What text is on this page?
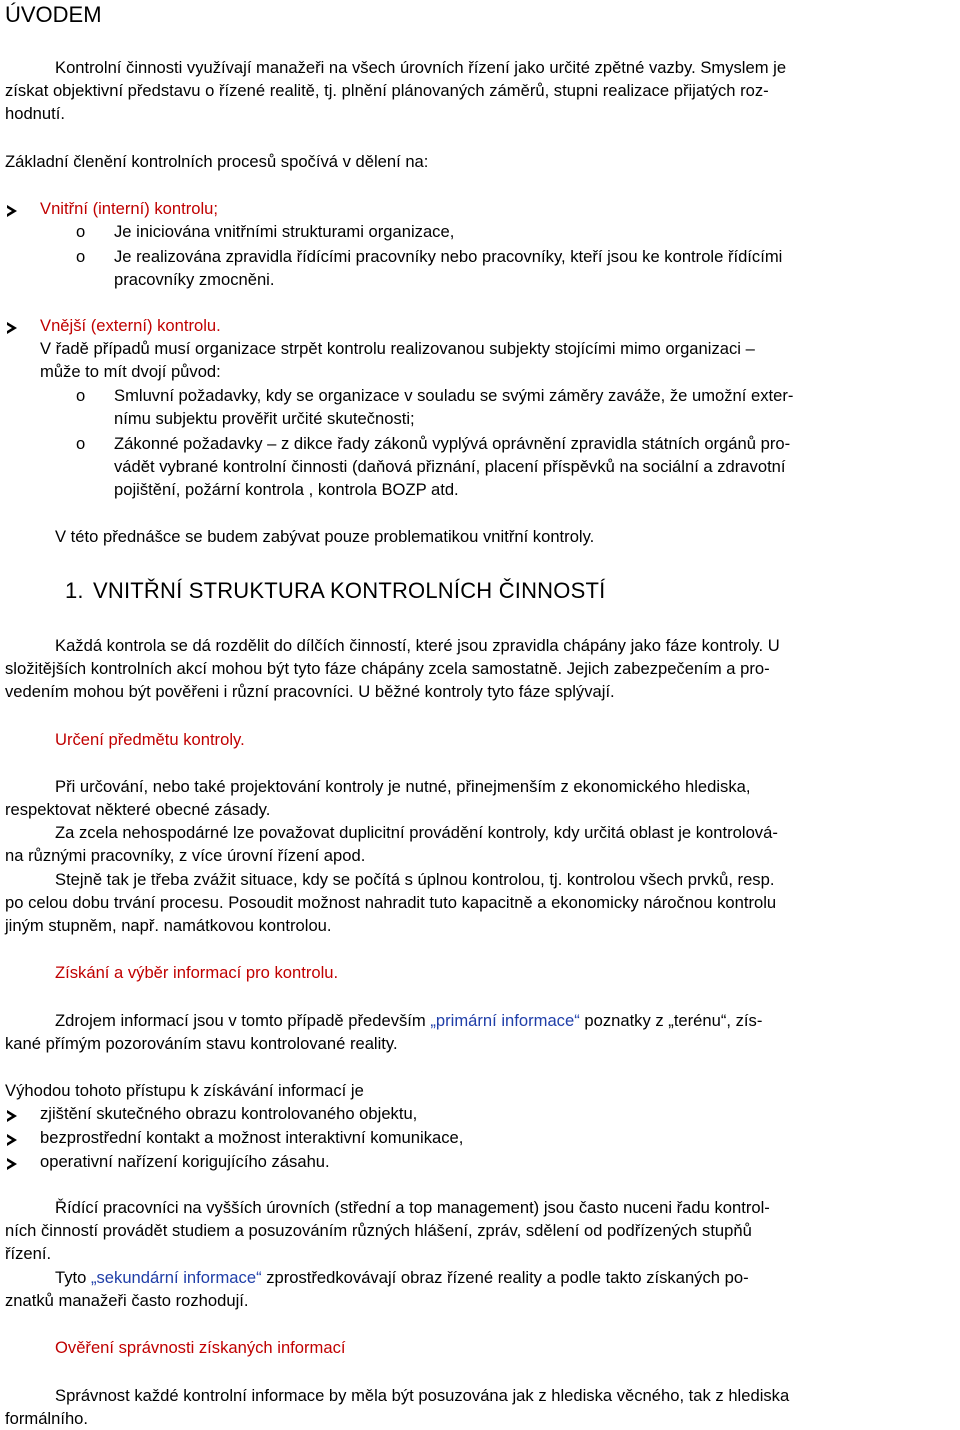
ÚVODEM
Kontrolní činnosti využívají manažeři na všech úrovních řízení jako určité zpětné vazby. Smyslem je
získat objektivní představu o řízené realitě, tj. plnění plánovaných záměrů, stupni realizace přijatých roz-
hodnutí.
Základní členění kontrolních procesů spočívá v dělení na:
Vnitřní (interní) kontrolu;
o Je iniciována vnitřními strukturami organizace,
o Je realizována zpravidla řídícími pracovníky nebo pracovníky, kteří jsou ke kontrole řídícími
pracovníky zmocněni.
Vnější (externí) kontrolu.
V řadě případů musí organizace strpět kontrolu realizovanou subjekty stojícími mimo organizaci –
může to mít dvojí původ:
o Smluvní požadavky, kdy se organizace v souladu se svými záměry zaváže, že umožní exter-
nímu subjektu prověřit určité skutečnosti;
o Zákonné požadavky – z dikce řady zákonů vyplývá oprávnění zpravidla státních orgánů pro-
vádět vybrané kontrolní činnosti (daňová přiznání, placení příspěvků na sociální a zdravotní
pojištění, požární kontrola , kontrola BOZP atd.
V této přednášce se budem zabývat pouze problematikou vnitřní kontroly.
1. VNITŘNÍ STRUKTURA KONTROLNÍCH ČINNOSTÍ
Každá kontrola se dá rozdělit do dílčích činností, které jsou zpravidla chápány jako fáze kontroly. U
složitějších kontrolních akcí mohou být tyto fáze chápány zcela samostatně. Jejich zabezpečením a pro-
vedením mohou být pověřeni i různí pracovníci. U běžné kontroly tyto fáze splývají.
Určení předmětu kontroly.
Při určování, nebo také projektování kontroly je nutné, přinejmenším z ekonomického hlediska,
respektovat některé obecné zásady.
Za zcela nehospodárné lze považovat duplicitní provádění kontroly, kdy určitá oblast je kontrolová-
na různými pracovníky, z více úrovní řízení apod.
Stejně tak je třeba zvážit situace, kdy se počítá s úplnou kontrolou, tj. kontrolou všech prvků, resp.
po celou dobu trvání procesu. Posoudit možnost nahradit tuto kapacitně a ekonomicky náročnou kontrolu
jiným stupněm, např. namátkovou kontrolou.
Získání a výběr informací pro kontrolu.
Zdrojem informací jsou v tomto případě především „primární informace“ poznatky z „terénu“, zís-
kané přímým pozorováním stavu kontrolované reality.
Výhodou tohoto přístupu k získávání informací je
zjištění skutečného obrazu kontrolovaného objektu,
bezprostřední kontakt a možnost interaktivní komunikace,
operativní nařízení korigujícího zásahu.
Řídící pracovníci na vyšších úrovních (střední a top management) jsou často nuceni řadu kontrol-
ních činností provádět studiem a posuzováním různých hlášení, zpráv, sdělení od podřízených stupňů
řízení.
Tyto „sekundární informace“ zprostředkovávají obraz řízené reality a podle takto získaných po-
znatků manažeři často rozhodují.
Ověření správnosti získaných informací
Správnost každé kontrolní informace by měla být posuzována jak z hlediska věcného, tak z hlediska
formálního.
